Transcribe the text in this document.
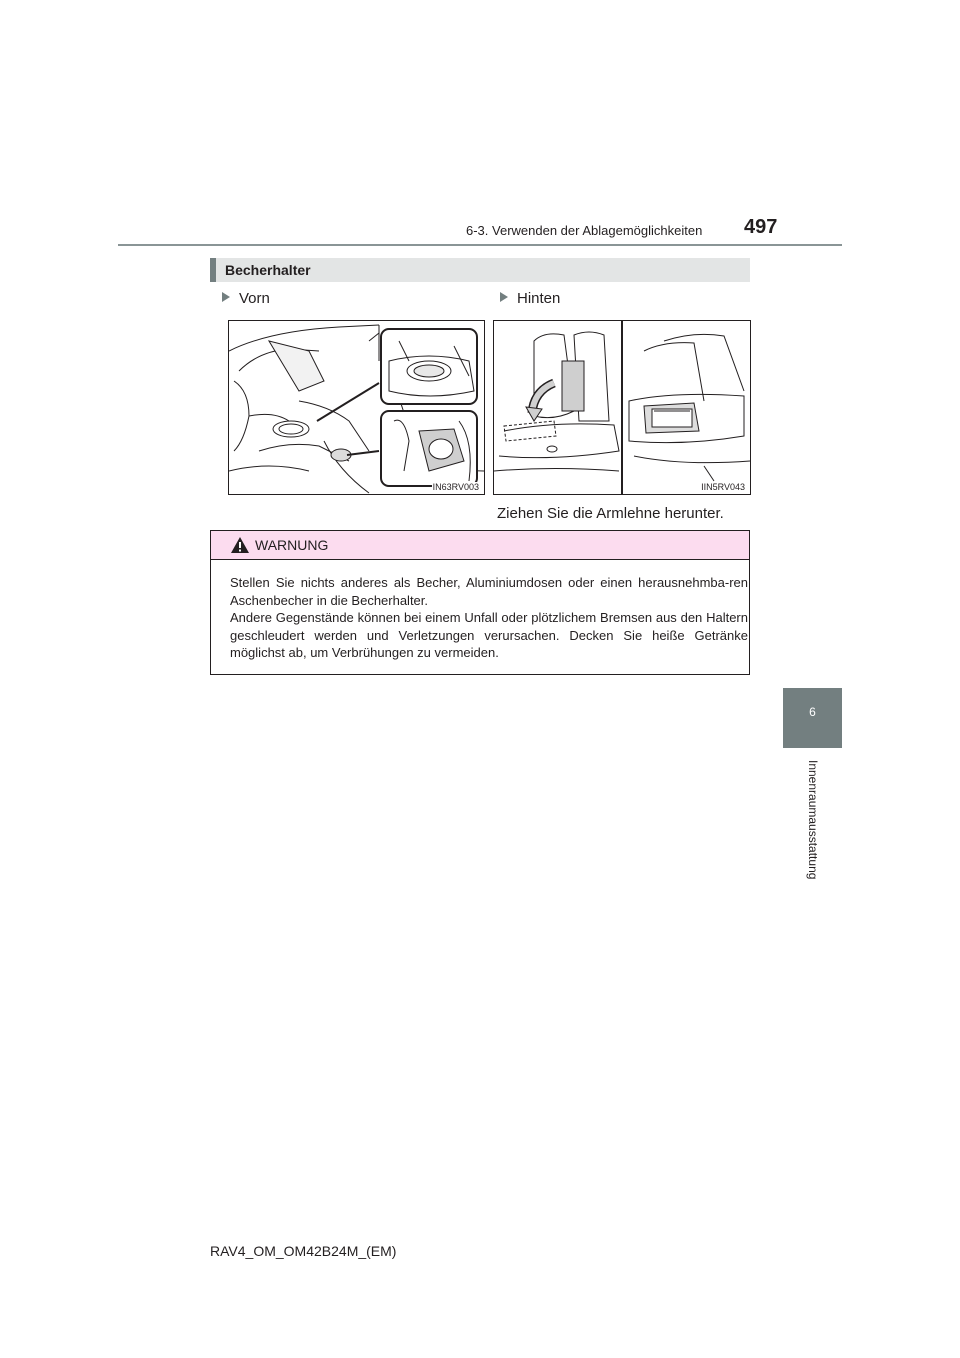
6-3. Verwenden der Ablagemöglichkeiten 497
6
Innenraumausstattung
Becherhalter
Vorn	Hinten
IN63RV003	IIN5RV043
Ziehen Sie die Armlehne herunter.
WARNUNG

Stellen Sie nichts anderes als Becher, Aluminiumdosen oder einen herausnehmba-ren Aschenbecher in die Becherhalter.

Andere Gegenstände können bei einem Unfall oder plötzlichem Bremsen aus den Haltern geschleudert werden und Verletzungen verursachen. Decken Sie heiße Getränke möglichst ab, um Verbrühungen zu vermeiden.

RAV4_OM_OM42B24M_(EM)
